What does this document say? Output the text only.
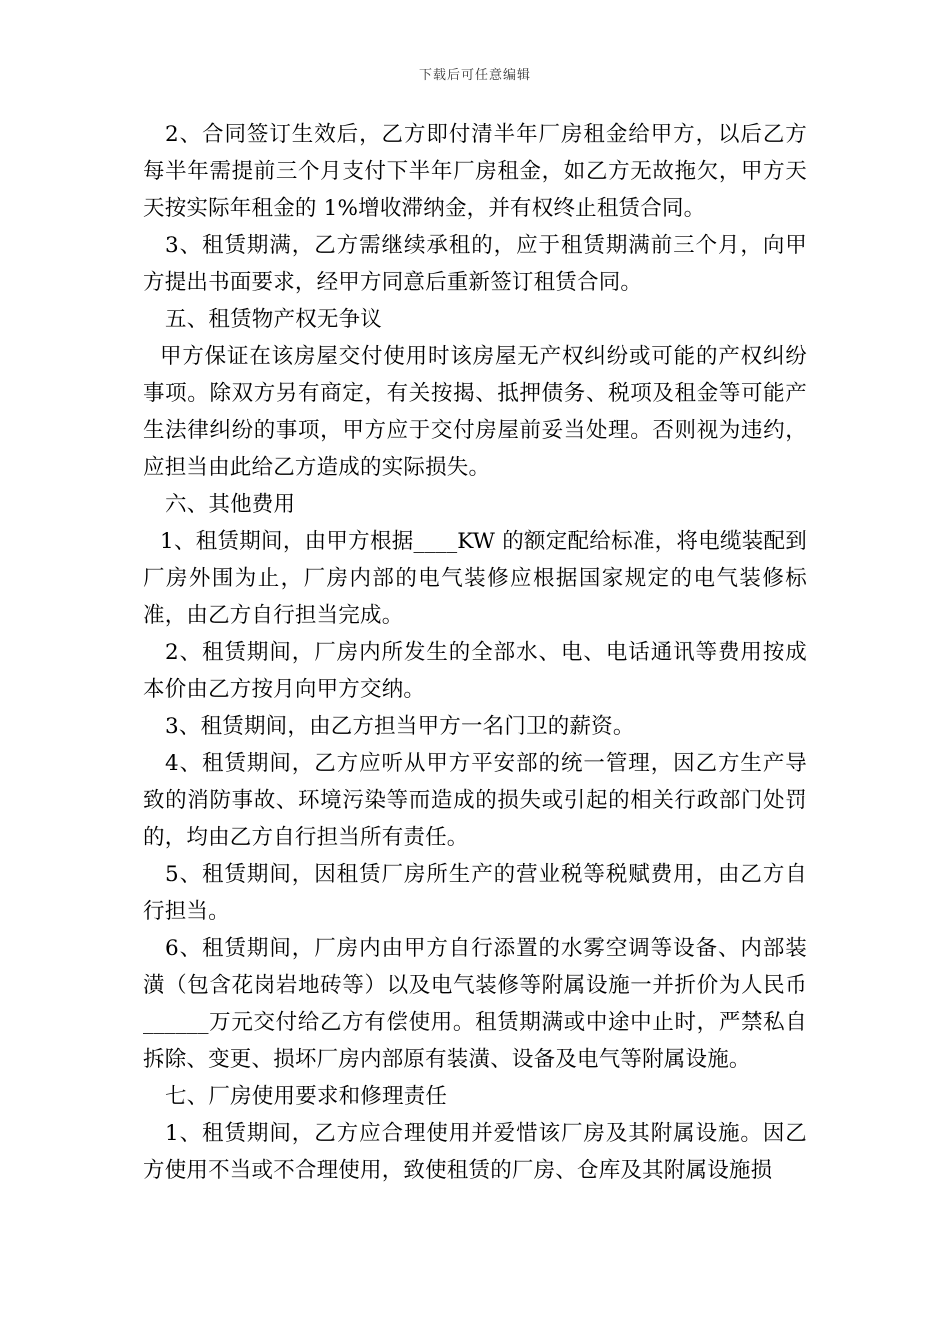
下载后可任意编辑

2、合同签订生效后，乙方即付清半年厂房租金给甲方，以后乙方每半年需提前三个月支付下半年厂房租金，如乙方无故拖欠，甲方天天按实际年租金的 1%增收滞纳金，并有权终止租赁合同。

3、租赁期满，乙方需继续承租的，应于租赁期满前三个月，向甲方提出书面要求，经甲方同意后重新签订租赁合同。

五、租赁物产权无争议

甲方保证在该房屋交付使用时该房屋无产权纠纷或可能的产权纠纷事项。除双方另有商定，有关按揭、抵押债务、税项及租金等可能产生法律纠纷的事项，甲方应于交付房屋前妥当处理。否则视为违约，应担当由此给乙方造成的实际损失。

六、其他费用

1、租赁期间，由甲方根据____KW 的额定配给标准，将电缆装配到厂房外围为止，厂房内部的电气装修应根据国家规定的电气装修标准，由乙方自行担当完成。

2、租赁期间，厂房内所发生的全部水、电、电话通讯等费用按成本价由乙方按月向甲方交纳。

3、租赁期间，由乙方担当甲方一名门卫的薪资。

4、租赁期间，乙方应听从甲方平安部的统一管理，因乙方生产导致的消防事故、环境污染等而造成的损失或引起的相关行政部门处罚的，均由乙方自行担当所有责任。

5、租赁期间，因租赁厂房所生产的营业税等税赋费用，由乙方自行担当。

6、租赁期间，厂房内由甲方自行添置的水雾空调等设备、内部装潢（包含花岗岩地砖等）以及电气装修等附属设施一并折价为人民币______万元交付给乙方有偿使用。租赁期满或中途中止时，严禁私自拆除、变更、损坏厂房内部原有装潢、设备及电气等附属设施。

七、厂房使用要求和修理责任

1、租赁期间，乙方应合理使用并爱惜该厂房及其附属设施。因乙方使用不当或不合理使用，致使租赁的厂房、仓库及其附属设施损
